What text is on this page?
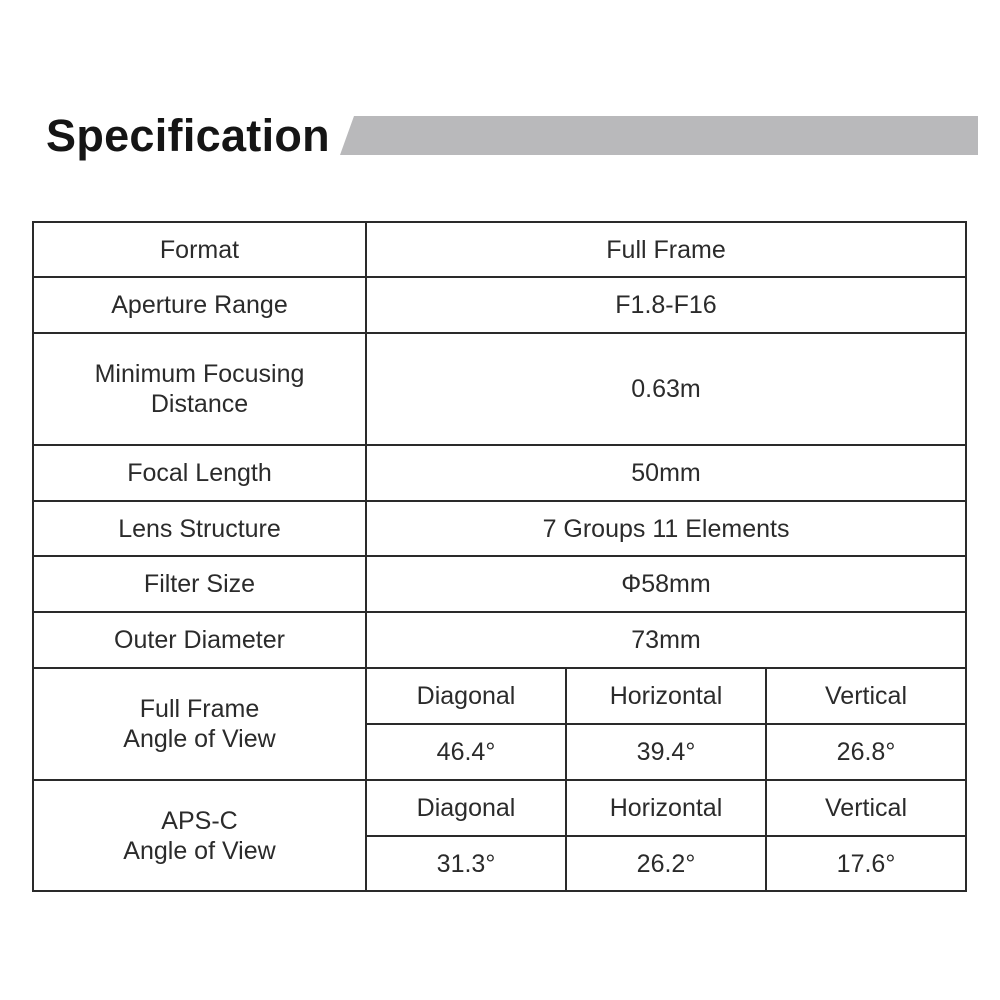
Specification
Format	Full Frame		
Aperture Range	F1.8-F16		
Minimum Focusing
Distance	0.63m		
Focal Length	50mm		
Lens Structure	7 Groups 11 Elements		
Filter Size	Φ58mm		
Outer Diameter	73mm		
Full Frame
Angle of View	Diagonal	Horizontal	Vertical
	46.4°	39.4°	26.8°
APS-C
Angle of View	Diagonal	Horizontal	Vertical
	31.3°	26.2°	17.6°
